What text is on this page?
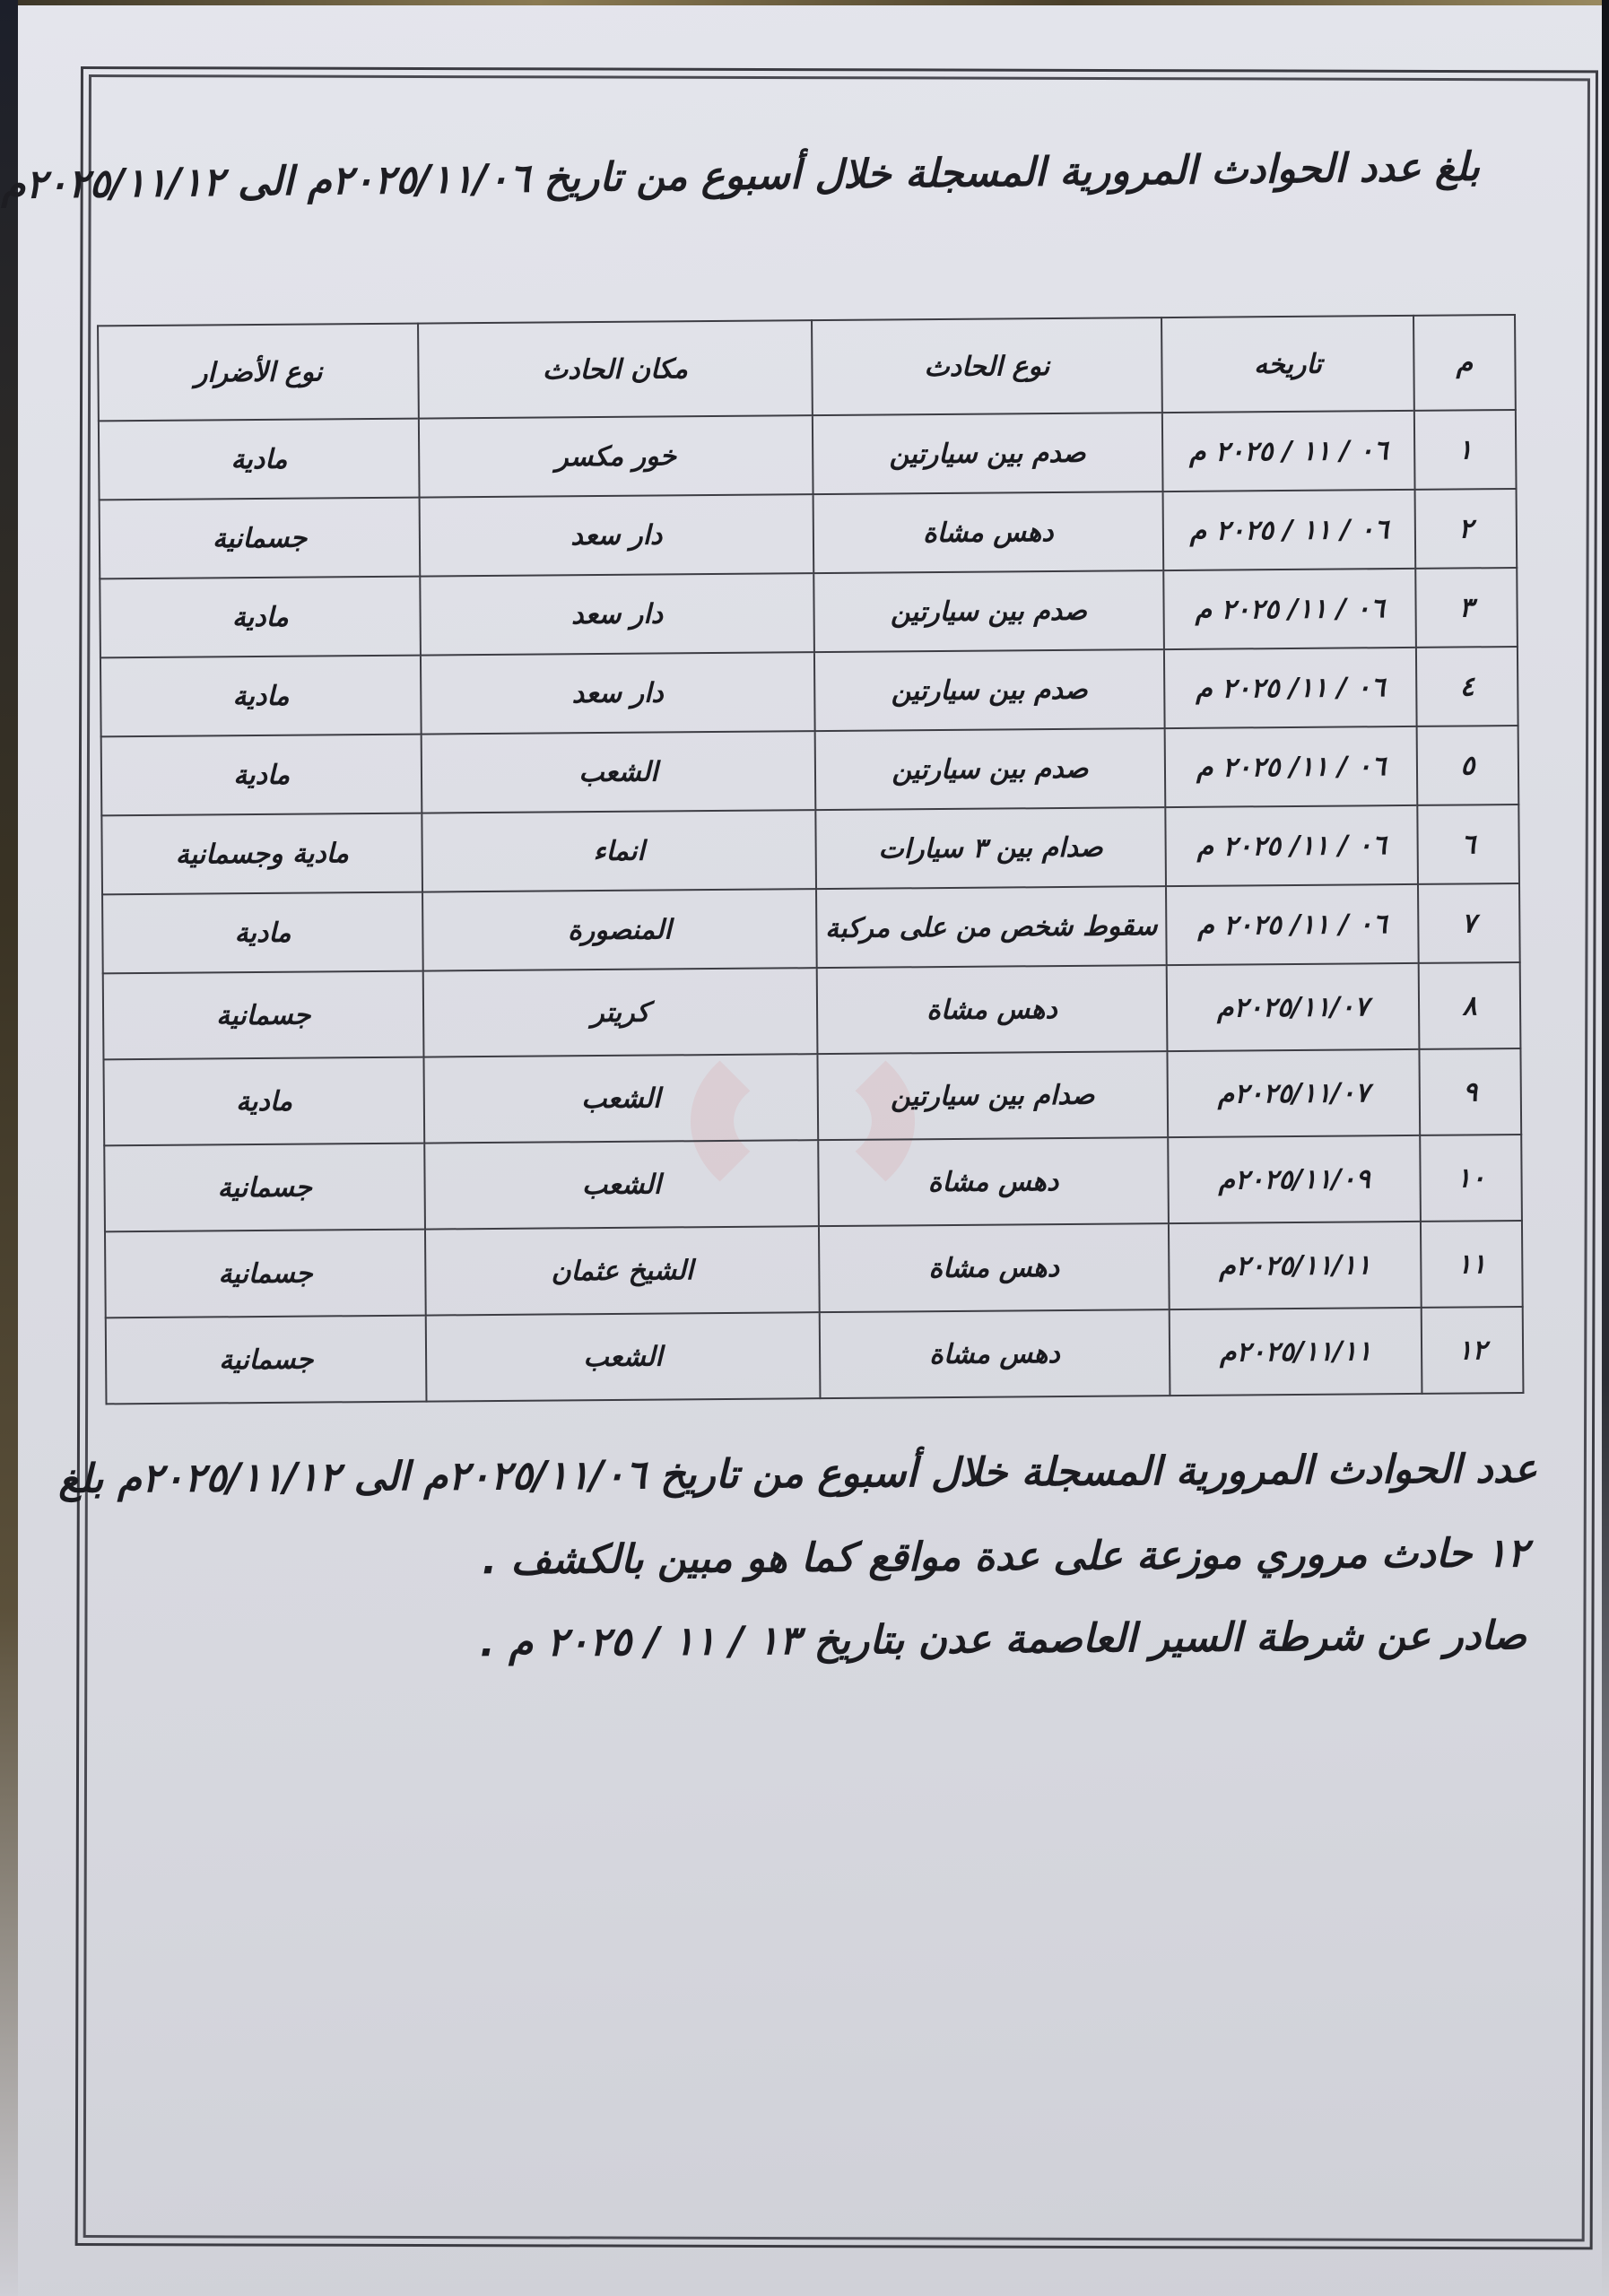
بلغ عدد الحوادث المرورية المسجلة خلال أسبوع من تاريخ ٢٠٢٥/١١/٠٦م الى ٢٠٢٥/١١/١٢م
م	تاريخه	نوع الحادث	مكان الحادث	نوع الأضرار
١	٠٦ / ١١ / ٢٠٢٥ م	صدم بين سيارتين	خور مكسر	مادية
٢	٠٦ / ١١ / ٢٠٢٥ م	دهس مشاة	دار سعد	جسمانية
٣	٠٦ / ١١/ ٢٠٢٥ م	صدم بين سيارتين	دار سعد	مادية
٤	٠٦ / ١١/ ٢٠٢٥ م	صدم بين سيارتين	دار سعد	مادية
٥	٠٦ / ١١/ ٢٠٢٥ م	صدم بين سيارتين	الشعب	مادية
٦	٠٦ / ١١/ ٢٠٢٥ م	صدام بين ٣ سيارات	انماء	مادية وجسمانية
٧	٠٦ / ١١/ ٢٠٢٥ م	سقوط شخص من على مركبة	المنصورة	مادية
٨	٢٠٢٥/١١/٠٧م	دهس مشاة	كريتر	جسمانية
٩	٢٠٢٥/١١/٠٧م	صدام بين سيارتين	الشعب	مادية
١٠	٢٠٢٥/١١/٠٩م	دهس مشاة	الشعب	جسمانية
١١	٢٠٢٥/١١/١١م	دهس مشاة	الشيخ عثمان	جسمانية
١٢	٢٠٢٥/١١/١١م	دهس مشاة	الشعب	جسمانية
عدد الحوادث المرورية المسجلة خلال أسبوع من تاريخ ٢٠٢٥/١١/٠٦م الى ٢٠٢٥/١١/١٢م بلغ
١٢ حادث مروري موزعة على عدة مواقع كما هو مبين بالكشف .
صادر عن شرطة السير العاصمة عدن بتاريخ ١٣ / ١١ / ٢٠٢٥ م .
